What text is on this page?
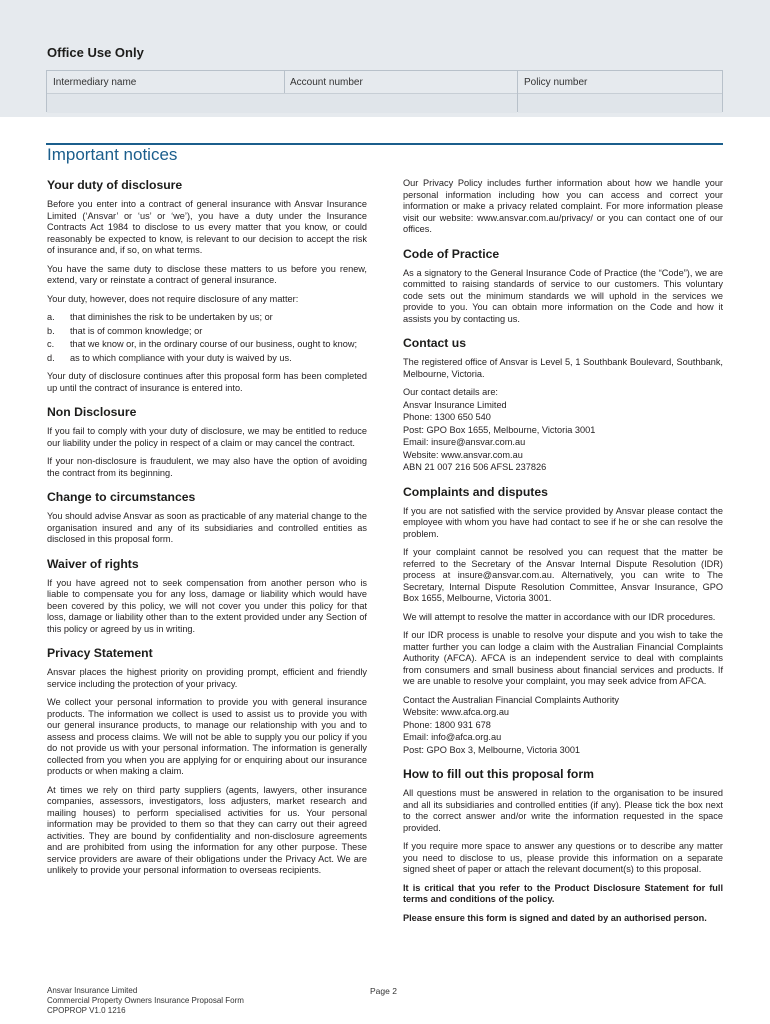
Office Use Only
Intermediary name	Account number	Policy number
Important notices
Your duty of disclosure

Before you enter into a contract of general insurance with Ansvar Insurance Limited (‘Ansvar’ or ‘us’ or ‘we’), you have a duty under the Insurance Contracts Act 1984 to disclose to us every matter that you know, or could reasonably be expected to know, is relevant to our decision to accept the risk of insurance and, if so, on what terms.

You have the same duty to disclose these matters to us before you renew, extend, vary or reinstate a contract of general insurance.

Your duty, however, does not require disclosure of any matter:

a. that diminishes the risk to be undertaken by us; or
b. that is of common knowledge; or
c. that we know or, in the ordinary course of our business, ought to know;
d. as to which compliance with your duty is waived by us.

Your duty of disclosure continues after this proposal form has been completed up until the contract of insurance is entered into.

Non Disclosure

If you fail to comply with your duty of disclosure, we may be entitled to reduce our liability under the policy in respect of a claim or may cancel the contract.

If your non-disclosure is fraudulent, we may also have the option of avoiding the contract from its beginning.

Change to circumstances

You should advise Ansvar as soon as practicable of any material change to the organisation insured and any of its subsidiaries and controlled entities as disclosed in this proposal form.

Waiver of rights

If you have agreed not to seek compensation from another person who is liable to compensate you for any loss, damage or liability which would have been covered by this policy, we will not cover you under this policy for that loss, damage or liability other than to the extent provided under any Section of this policy or agreed by us in writing.

Privacy Statement

Ansvar places the highest priority on providing prompt, efficient and friendly service including the protection of your privacy.

We collect your personal information to provide you with general insurance products. The information we collect is used to assist us to provide you with our general insurance products, to manage our relationship with you and to assess and process claims. We will not be able to supply you our policy if you do not provide us with your personal information. The information is generally collected from you when you are applying for or enquiring about our insurance products or when making a claim.

At times we rely on third party suppliers (agents, lawyers, other insurance companies, assessors, investigators, loss adjusters, market research and mailing houses) to perform specialised activities for us. Your personal information may be provided to them so that they can carry out their agreed activities. They are bound by confidentiality and non-disclosure agreements and are prohibited from using the information for any other purpose. These service providers are aware of their obligations under the Privacy Act. We are unlikely to provide your personal information to overseas recipients.

Our Privacy Policy includes further information about how we handle your personal information including how you can access and correct your information or make a privacy related complaint. For more information please visit our website: www.ansvar.com.au/privacy/ or you can contact one of our offices.

Code of Practice

As a signatory to the General Insurance Code of Practice (the “Code”), we are committed to raising standards of service to our customers. This voluntary code sets out the minimum standards we will uphold in the services we provide to you. You can obtain more information on the Code and how it assists you by contacting us.

Contact us

The registered office of Ansvar is Level 5, 1 Southbank Boulevard, Southbank, Melbourne, Victoria.

Our contact details are:

Ansvar Insurance Limited

Phone: 1300 650 540

Post: GPO Box 1655, Melbourne, Victoria 3001

Email: insure@ansvar.com.au

Website: www.ansvar.com.au

ABN 21 007 216 506 AFSL 237826

Complaints and disputes

If you are not satisfied with the service provided by Ansvar please contact the employee with whom you have had contact to see if he or she can resolve the problem.

If your complaint cannot be resolved you can request that the matter be referred to the Secretary of the Ansvar Internal Dispute Resolution (IDR) process at insure@ansvar.com.au. Alternatively, you can write to The Secretary, Internal Dispute Resolution Committee, Ansvar Insurance, GPO Box 1655, Melbourne, Victoria 3001.

We will attempt to resolve the matter in accordance with our IDR procedures.

If our IDR process is unable to resolve your dispute and you wish to take the matter further you can lodge a claim with the Australian Financial Complaints Authority (AFCA). AFCA is an independent service to deal with complaints from consumers and small business about financial services and products. If we are unable to resolve your complaint, you may seek advice from AFCA.

Contact the Australian Financial Complaints Authority

Website: www.afca.org.au

Phone: 1800 931 678

Email: info@afca.org.au

Post: GPO Box 3, Melbourne, Victoria 3001

How to fill out this proposal form

All questions must be answered in relation to the organisation to be insured and all its subsidiaries and controlled entities (if any). Please tick the box next to the correct answer and/or write the information requested in the space provided.

If you require more space to answer any questions or to describe any matter you need to disclose to us, please provide this information on a separate signed sheet of paper or attach the relevant document(s) to this proposal.

It is critical that you refer to the Product Disclosure Statement for full terms and conditions of the policy.

Please ensure this form is signed and dated by an authorised person.

Ansvar Insurance Limited
Commercial Property Owners Insurance Proposal Form
CPOPROP V1.0 1216
Page 2
